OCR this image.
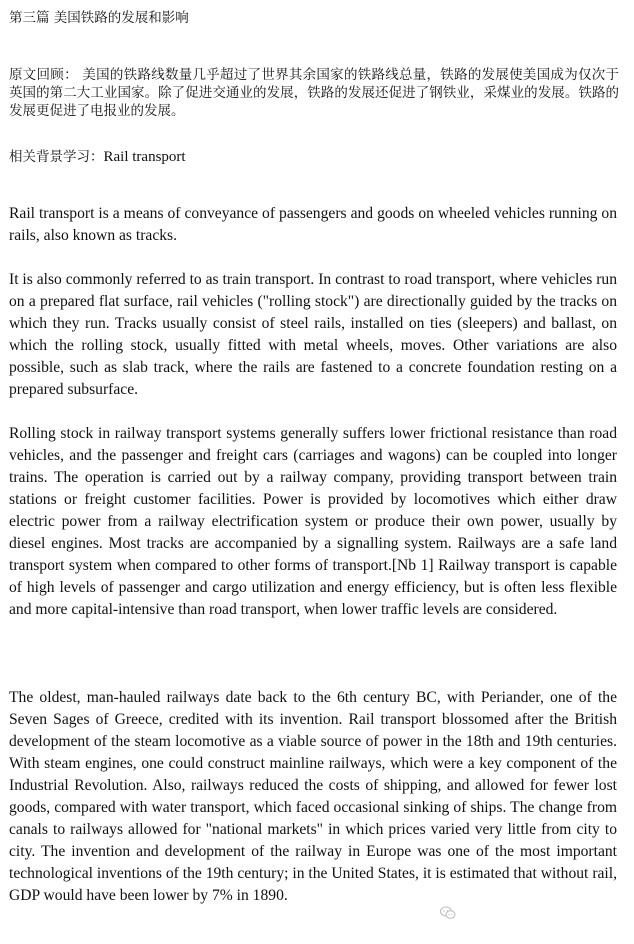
第三篇 美国铁路的发展和影响
原文回顾： 美国的铁路线数量几乎超过了世界其余国家的铁路线总量，铁路的发展使美国成为仅次于英国的第二大工业国家。除了促进交通业的发展，铁路的发展还促进了钢铁业，采煤业的发展。铁路的发展更促进了电报业的发展。
相关背景学习：Rail transport

Rail transport is a means of conveyance of passengers and goods on wheeled vehicles running on rails, also known as tracks.

It is also commonly referred to as train transport. In contrast to road transport, where vehicles run on a prepared flat surface, rail vehicles ("rolling stock") are directionally guided by the tracks on which they run. Tracks usually consist of steel rails, installed on ties (sleepers) and ballast, on which the rolling stock, usually fitted with metal wheels, moves. Other variations are also possible, such as slab track, where the rails are fastened to a concrete foundation resting on a prepared subsurface.

Rolling stock in railway transport systems generally suffers lower frictional resistance than road vehicles, and the passenger and freight cars (carriages and wagons) can be coupled into longer trains. The operation is carried out by a railway company, providing transport between train stations or freight customer facilities. Power is provided by locomotives which either draw electric power from a railway electrification system or produce their own power, usually by diesel engines. Most tracks are accompanied by a signalling system. Railways are a safe land transport system when compared to other forms of transport.[Nb 1] Railway transport is capable of high levels of passenger and cargo utilization and energy efficiency, but is often less flexible and more capital-intensive than road transport, when lower traffic levels are considered.

The oldest, man-hauled railways date back to the 6th century BC, with Periander, one of the Seven Sages of Greece, credited with its invention. Rail transport blossomed after the British development of the steam locomotive as a viable source of power in the 18th and 19th centuries. With steam engines, one could construct mainline railways, which were a key component of the Industrial Revolution. Also, railways reduced the costs of shipping, and allowed for fewer lost goods, compared with water transport, which faced occasional sinking of ships. The change from canals to railways allowed for "national markets" in which prices varied very little from city to city. The invention and development of the railway in Europe was one of the most important technological inventions of the 19th century; in the United States, it is estimated that without rail, GDP would have been lower by 7% in 1890.
